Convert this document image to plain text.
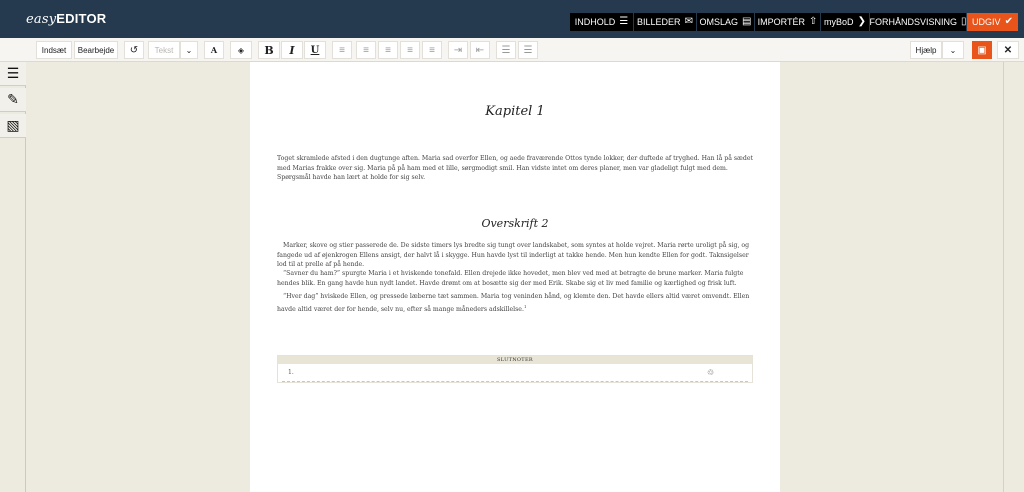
easyEDITOR	INDHOLD ☰ BILLEDER ✉ OMSLAG ▤ IMPORTÉR ⇧ myBoD ❯ FORHÅNDSVISNING ▯ UDGIV ✔
Indsæt	Bearbejde	↺	Tekst	⌄	A	◈	B	I	U	≡	≡	≡	≡	≡	⇥	⇤	☰	☰	Hjælp	⌄	▣	✕
☰
✎
▧
Kapitel 1
Toget skramlede afsted i den dugtunge aften. Maria sad overfor Ellen, og aede fraværende Ottos tynde lokker, der duftede af tryghed. Han lå på sædet med Marias frakke over sig. Maria på på ham med et lille, sørgmodigt smil. Han vidste intet om deres planer, men var gladeligt fulgt med dem. Spørgsmål havde han lært at holde for sig selv.
Overskrift 2
Marker, skove og stier passerede de. De sidste timers lys bredte sig tungt over landskabet, som syntes at holde vejret. Maria rørte uroligt på sig, og fangede ud af øjenkrogen Ellens ansigt, der halvt lå i skygge. Hun havde lyst til inderligt at takke hende. Men hun kendte Ellen for godt. Taknsigelser lod til at prelle af på hende.
“Savner du ham?” spurgte Maria i et hviskende tonefald. Ellen drejede ikke hovedet, men blev ved med at betragte de brune marker. Maria fulgte hendes blik. En gang havde hun nydt landet. Havde drømt om at bosætte sig der med Erik. Skabe sig et liv med familie og kærlighed og frisk luft.
“Hver dag” hviskede Ellen, og pressede læberne tæt sammen. Maria tog veninden hånd, og klemte den. Det havde ellers altid været omvendt. Ellen havde altid været der for hende, selv nu, efter så mange måneders adskillelse.$^1$
SLUTNOTER
1.	♲
